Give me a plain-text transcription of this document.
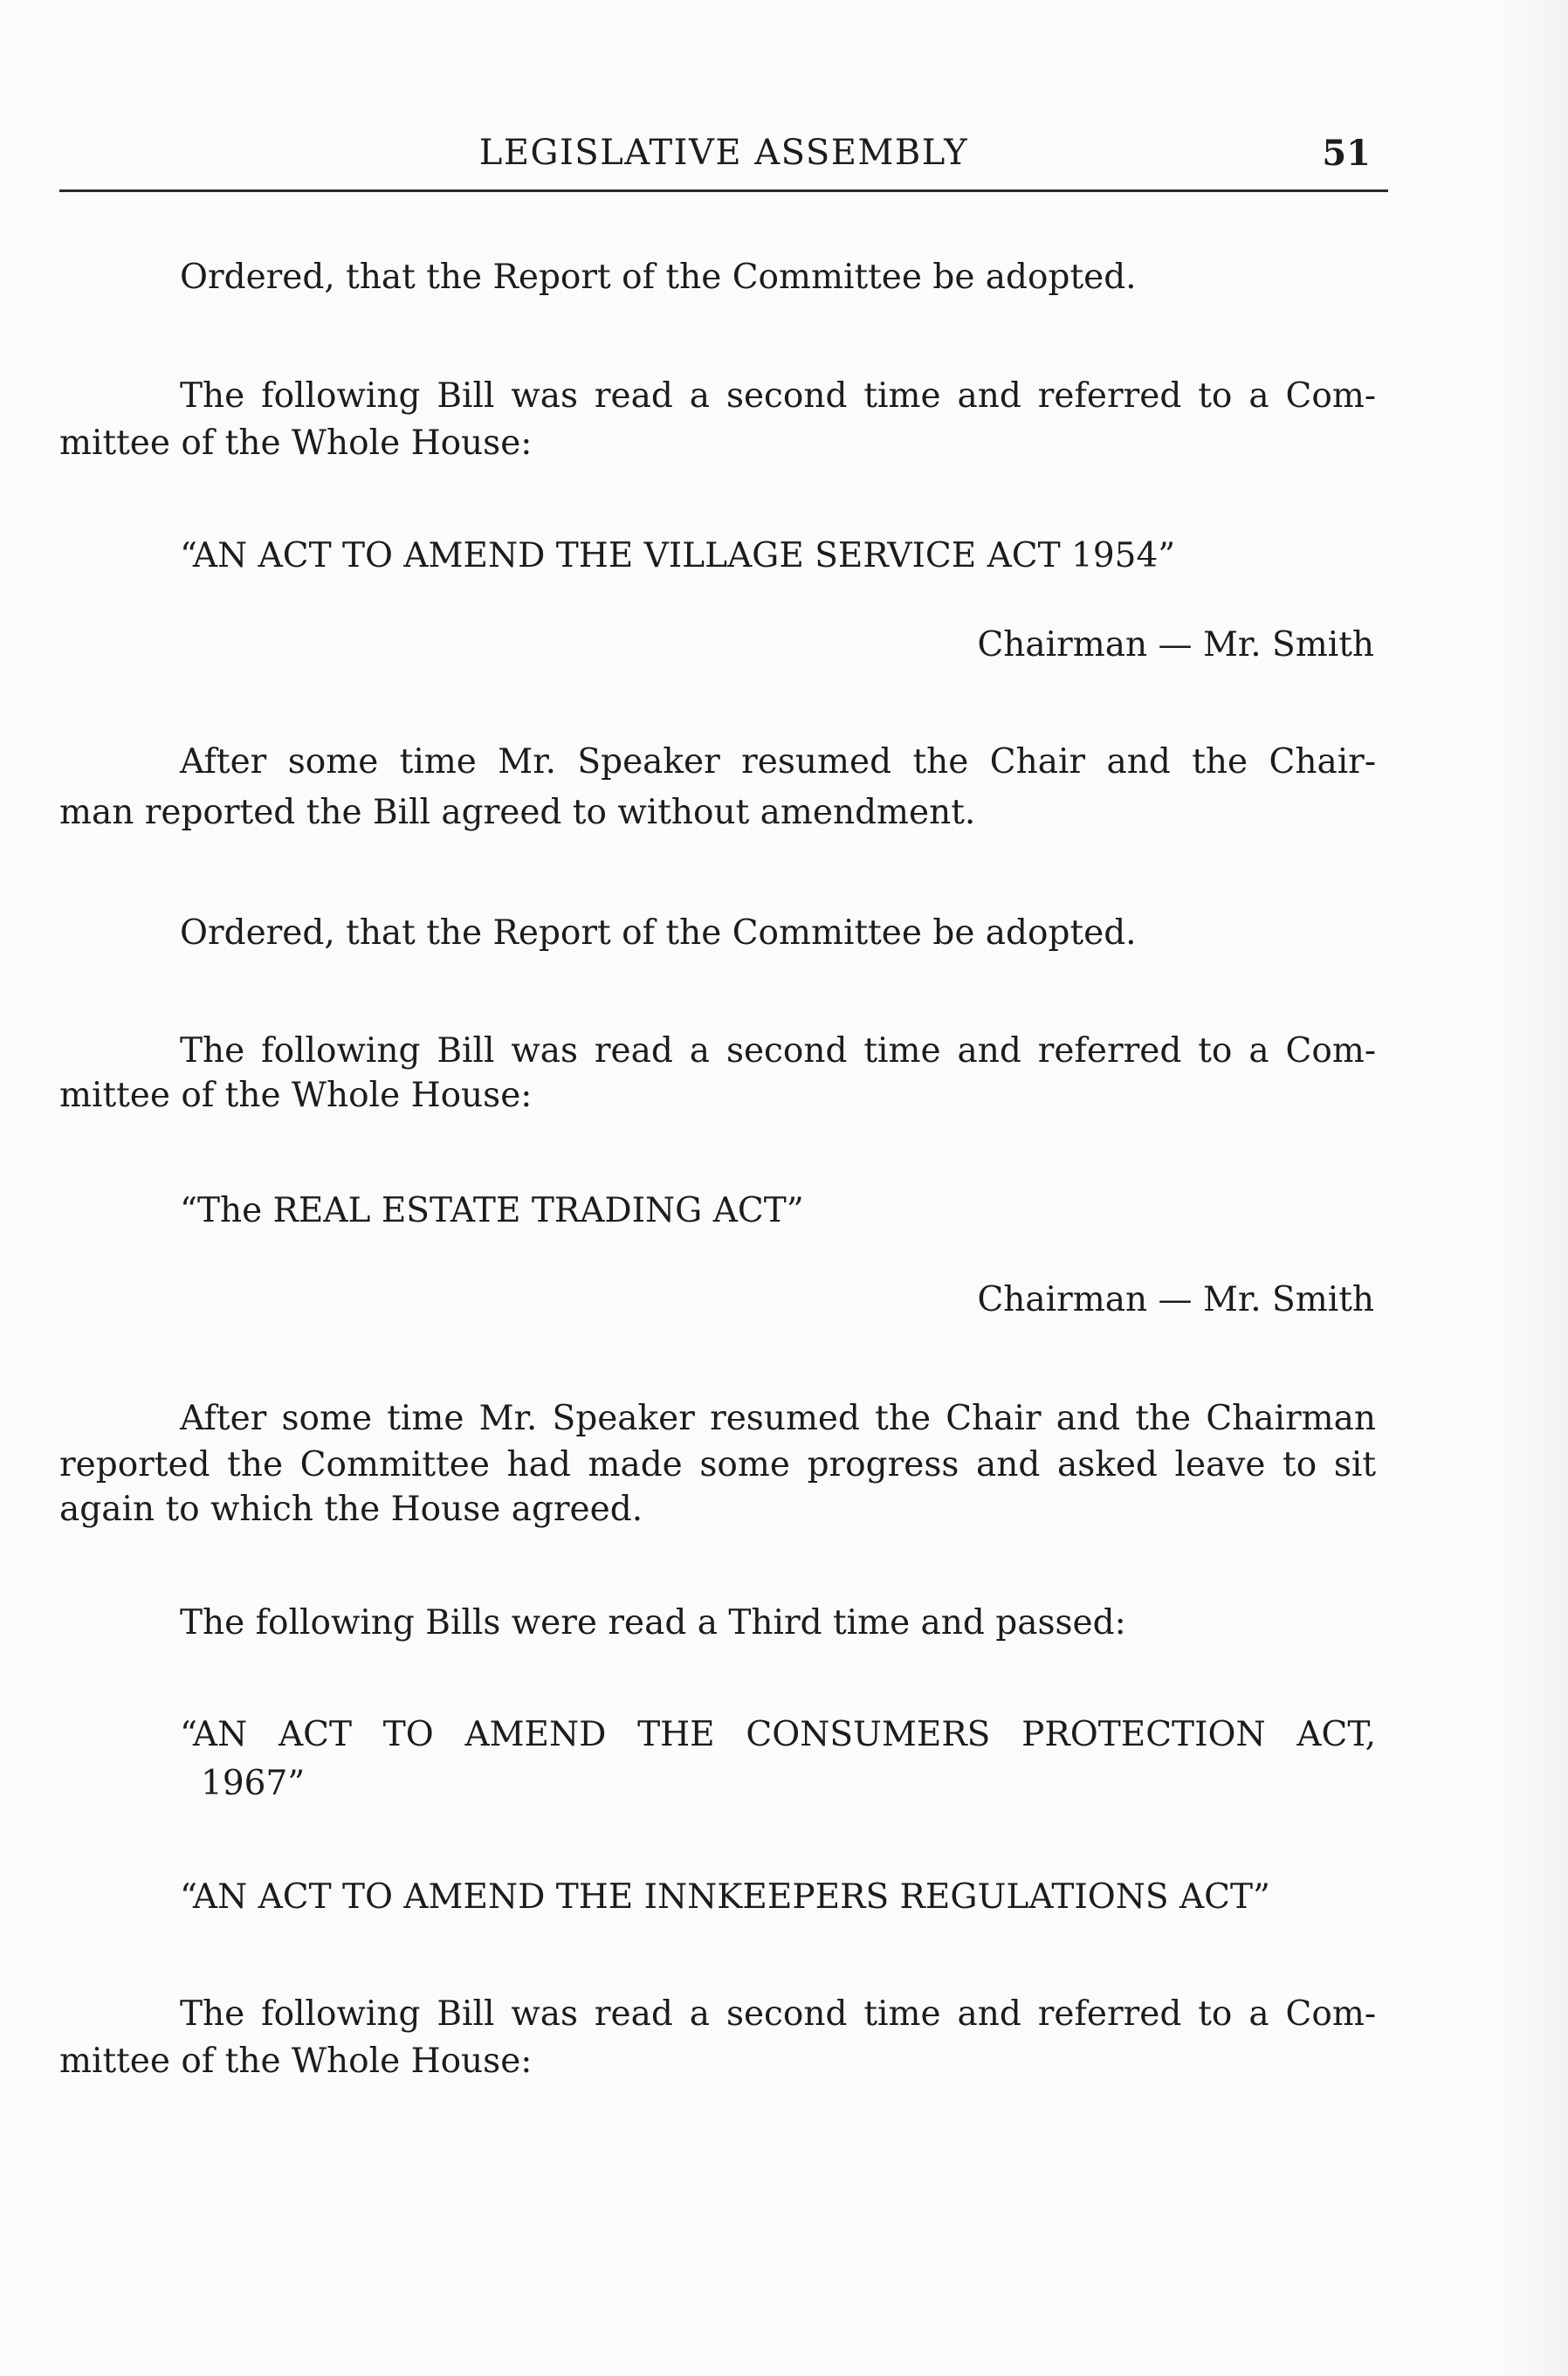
LEGISLATIVE ASSEMBLY	51

Ordered, that the Report of the Committee be adopted.

The following Bill was read a second time and referred to a Com-

mittee of the Whole House:

“AN ACT TO AMEND THE VILLAGE SERVICE ACT 1954”

Chairman — Mr. Smith

After some time Mr. Speaker resumed the Chair and the Chair-

man reported the Bill agreed to without amendment.

Ordered, that the Report of the Committee be adopted.

The following Bill was read a second time and referred to a Com-

mittee of the Whole House:

“The REAL ESTATE TRADING ACT”

Chairman — Mr. Smith

After some time Mr. Speaker resumed the Chair and the Chairman

reported the Committee had made some progress and asked leave to sit

again to which the House agreed.

The following Bills were read a Third time and passed:

“AN ACT TO AMEND THE CONSUMERS PROTECTION ACT,

1967”

“AN ACT TO AMEND THE INNKEEPERS REGULATIONS ACT”

The following Bill was read a second time and referred to a Com-

mittee of the Whole House:
